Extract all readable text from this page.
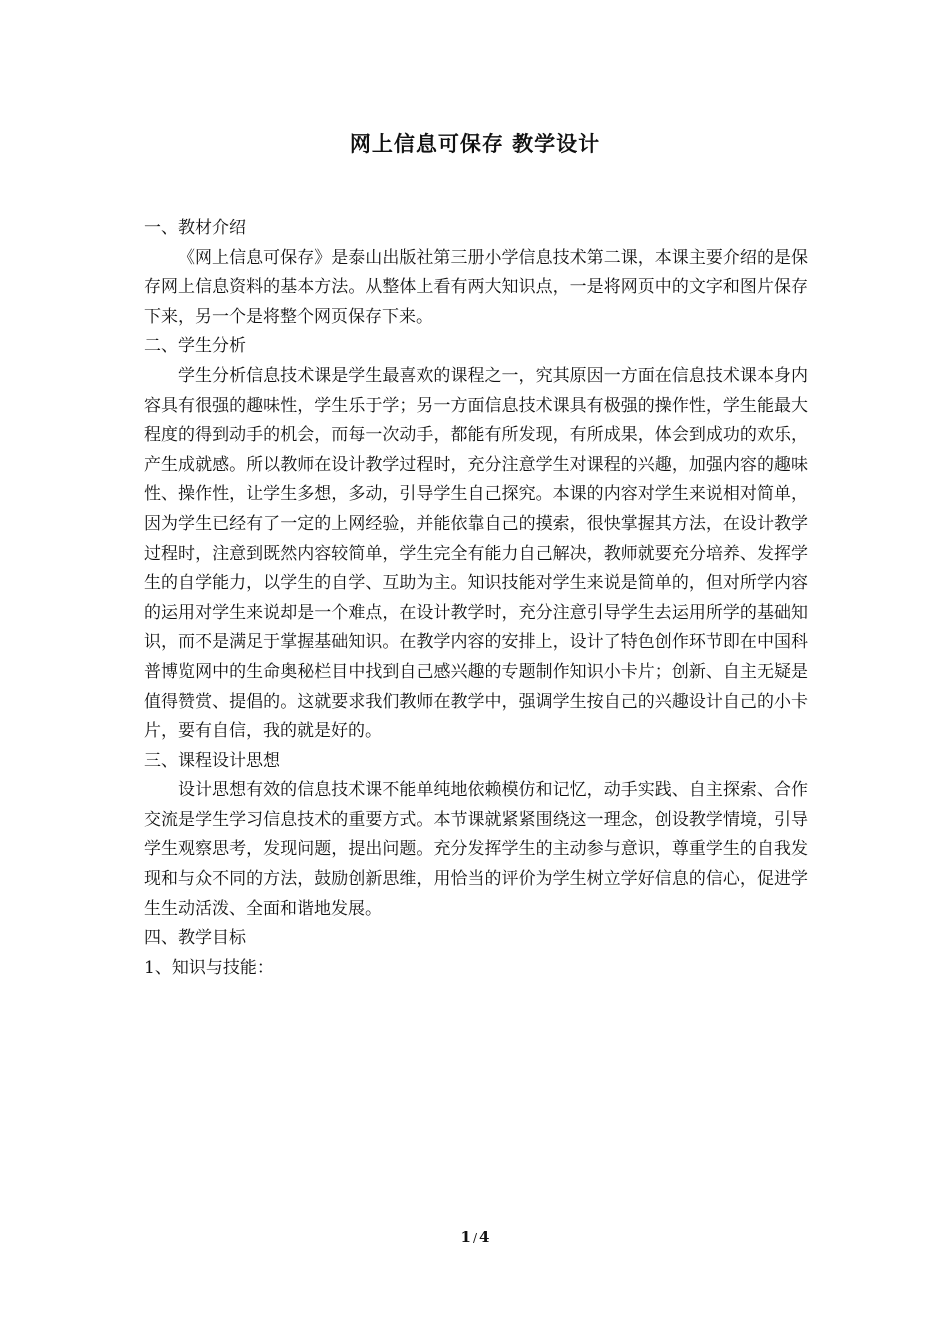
网上信息可保存 教学设计

一、教材介绍

《网上信息可保存》是泰山出版社第三册小学信息技术第二课，本课主要介绍的是保存网上信息资料的基本方法。从整体上看有两大知识点，一是将网页中的文字和图片保存下来，另一个是将整个网页保存下来。

二、学生分析

学生分析信息技术课是学生最喜欢的课程之一，究其原因一方面在信息技术课本身内容具有很强的趣味性，学生乐于学；另一方面信息技术课具有极强的操作性，学生能最大程度的得到动手的机会，而每一次动手，都能有所发现，有所成果，体会到成功的欢乐，产生成就感。所以教师在设计教学过程时，充分注意学生对课程的兴趣，加强内容的趣味性、操作性，让学生多想，多动，引导学生自己探究。本课的内容对学生来说相对简单，因为学生已经有了一定的上网经验，并能依靠自己的摸索，很快掌握其方法，在设计教学过程时，注意到既然内容较简单，学生完全有能力自己解决，教师就要充分培养、发挥学生的自学能力，以学生的自学、互助为主。知识技能对学生来说是简单的，但对所学内容的运用对学生来说却是一个难点，在设计教学时，充分注意引导学生去运用所学的基础知识，而不是满足于掌握基础知识。在教学内容的安排上，设计了特色创作环节即在中国科普博览网中的生命奥秘栏目中找到自己感兴趣的专题制作知识小卡片；创新、自主无疑是值得赞赏、提倡的。这就要求我们教师在教学中，强调学生按自己的兴趣设计自己的小卡片，要有自信，我的就是好的。

三、课程设计思想

设计思想有效的信息技术课不能单纯地依赖模仿和记忆，动手实践、自主探索、合作交流是学生学习信息技术的重要方式。本节课就紧紧围绕这一理念，创设教学情境，引导学生观察思考，发现问题，提出问题。充分发挥学生的主动参与意识，尊重学生的自我发现和与众不同的方法，鼓励创新思维，用恰当的评价为学生树立学好信息的信心，促进学生生动活泼、全面和谐地发展。

四、教学目标

1、知识与技能：

1 / 4
